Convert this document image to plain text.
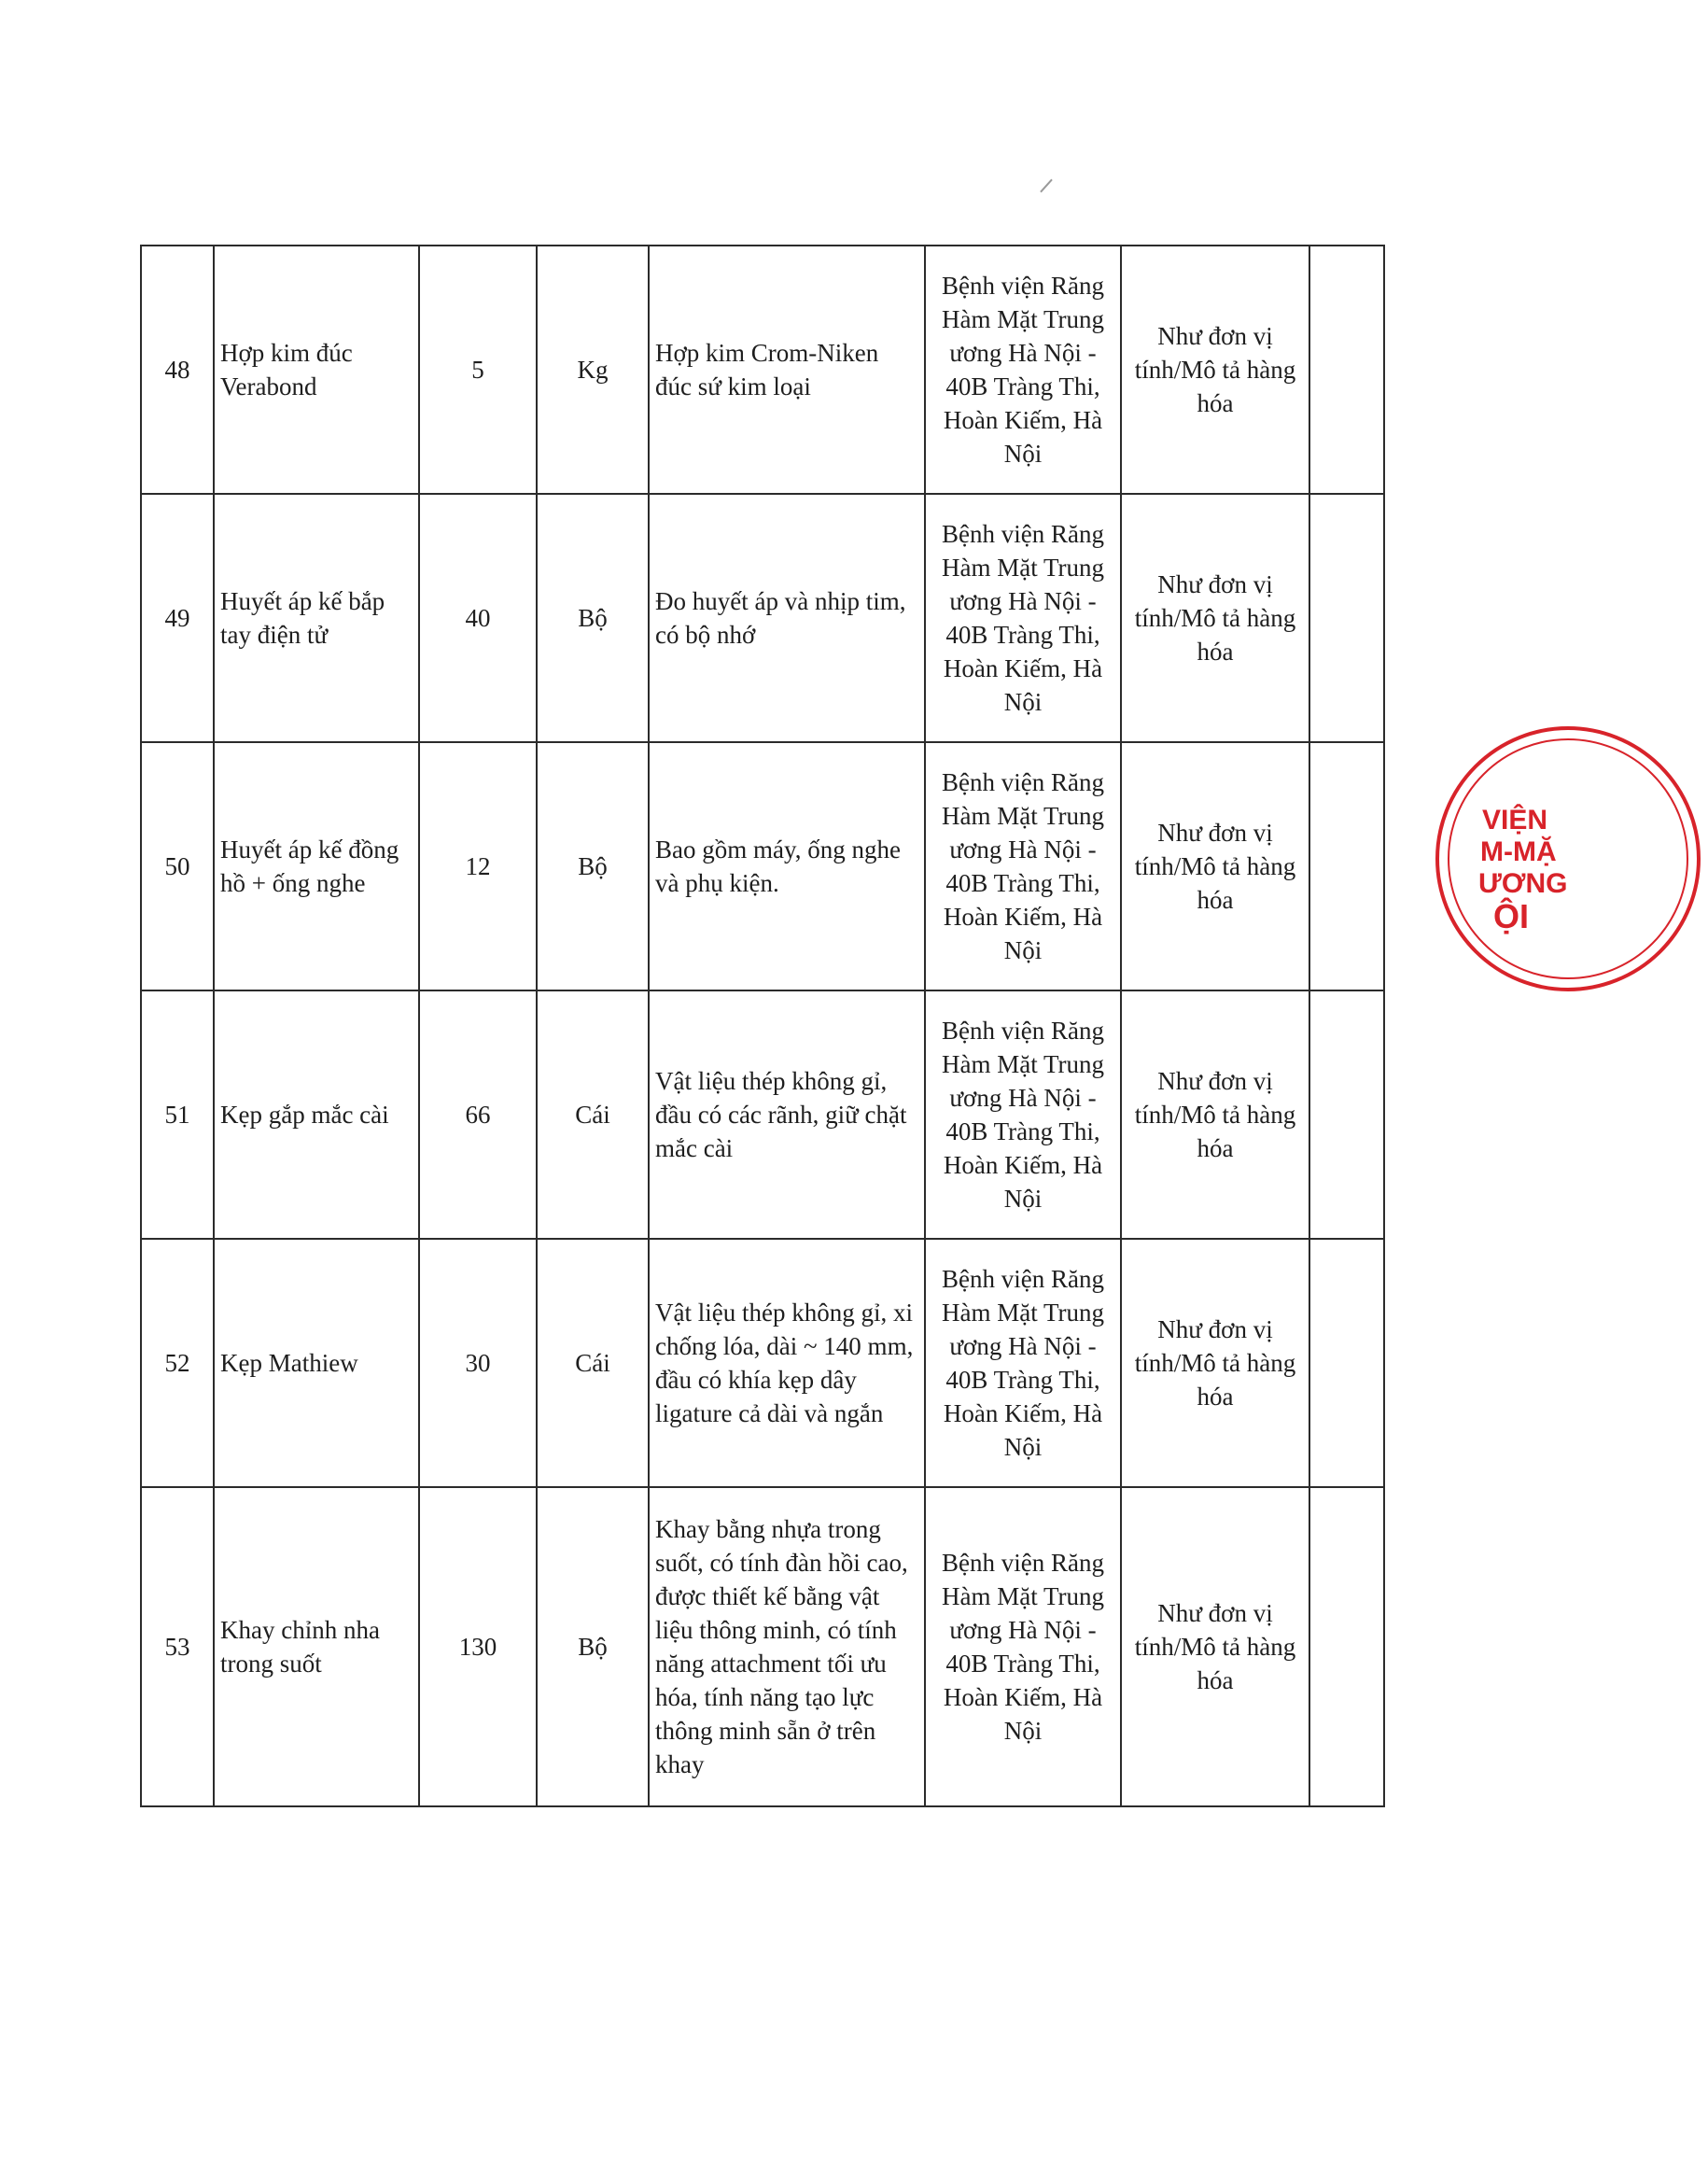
48	Hợp kim đúc Verabond	5	Kg	Hợp kim Crom-Niken đúc sứ kim loại	Bệnh viện Răng Hàm Mặt Trung ương Hà Nội - 40B Tràng Thi, Hoàn Kiếm, Hà Nội	Như đơn vị tính/Mô tả hàng hóa	
49	Huyết áp kế bắp tay điện tử	40	Bộ	Đo huyết áp và nhịp tim, có bộ nhớ	Bệnh viện Răng Hàm Mặt Trung ương Hà Nội - 40B Tràng Thi, Hoàn Kiếm, Hà Nội	Như đơn vị tính/Mô tả hàng hóa	
50	Huyết áp kế đồng hồ + ống nghe	12	Bộ	Bao gồm máy, ống nghe và phụ kiện.	Bệnh viện Răng Hàm Mặt Trung ương Hà Nội - 40B Tràng Thi, Hoàn Kiếm, Hà Nội	Như đơn vị tính/Mô tả hàng hóa	
51	Kẹp gắp mắc cài	66	Cái	Vật liệu thép không gỉ, đầu có các rãnh, giữ chặt mắc cài	Bệnh viện Răng Hàm Mặt Trung ương Hà Nội - 40B Tràng Thi, Hoàn Kiếm, Hà Nội	Như đơn vị tính/Mô tả hàng hóa	
52	Kẹp Mathiew	30	Cái	Vật liệu thép không gỉ, xi chống lóa, dài ~ 140 mm, đầu có khía kẹp dây ligature cả dài và ngắn	Bệnh viện Răng Hàm Mặt Trung ương Hà Nội - 40B Tràng Thi, Hoàn Kiếm, Hà Nội	Như đơn vị tính/Mô tả hàng hóa	
53	Khay chỉnh nha trong suốt	130	Bộ	Khay bằng nhựa trong suốt, có tính đàn hồi cao, được thiết kế bằng vật liệu thông minh, có tính năng attachment tối ưu hóa, tính năng tạo lực thông minh sẵn ở trên khay	Bệnh viện Răng Hàm Mặt Trung ương Hà Nội - 40B Tràng Thi, Hoàn Kiếm, Hà Nội	Như đơn vị tính/Mô tả hàng hóa	
VIỆN
M-MẶ
ƯƠNG
ỘI
